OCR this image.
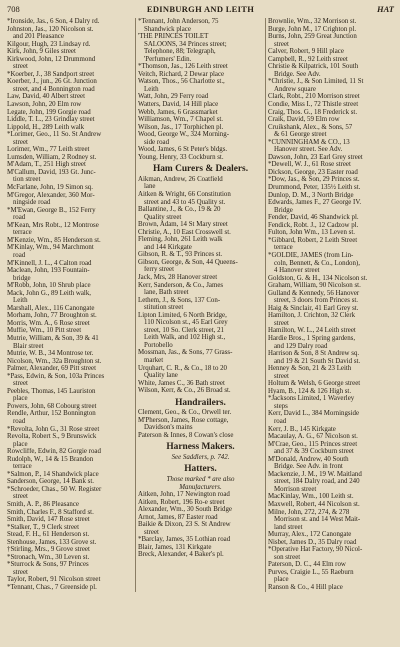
708	EDINBURGH AND LEITH	HAT
*Ironside, Jas., 6 Son, 4 Dalry rd.
Johnston, Jas., 120 Nicolson st.
and 201 Pleasance
Kilgour, Hugh, 23 Lindsay rd.
Kirk, John, 9 Giles street
Kirkwood, John, 12 Drummond
street
*Koerber, J., 38 Sandport street
Koerber, J., jun., 26 Gt. Junction
street, and 4 Bonnington road
Law, David, 40 Albert street
Lawson, John, 20 Elm row
Legate, John, 199 Gorgie road
Liddle, T. L., 23 Grindlay street
Lippold, H., 289 Leith walk
*Lorimer, Geo., 11 So. St Andrew
street
Lorimer, Wm., 77 Leith street
Lumsden, William, 2 Rodney st.
M'Adam, T., 251 High street
M'Callum, David, 193 Gt. Junc-
tion street
McFarlane, John, 19 Simon sq.
M'Gregor, Alexander, 360 Mor-
ningside road
*M'Ewan, George B., 152 Ferry
road
M'Kean, Mrs Robt., 12 Montrose
terrace
M'Kenzie, Wm., 85 Henderson st.
M'Kinlay, Wm., 94 Marchmont
road
M'Kinnell, J. L., 4 Calton road
Maclean, John, 193 Fountain-
bridge
M'Robb, John, 10 Shrub place
Mack, John G., 89 Leith walk,
Leith
Marshall, Alex., 116 Canongate
Morham, John, 77 Broughton st.
Morris, Wm. A., 6 Rose street
Muffie, Wm., 10 Pitt street
Mutrie, William, & Son, 39 & 41
Blair street
Mutrie, W. B., 34 Montrose ter.
Nicolson, Wm., 32a Broughton st.
Palmer, Alexander, 69 Pitt street
*Pass, Edwin, & Son, 103a Princes
street
Peebles, Thomas, 145 Lauriston
place
Powers, John, 68 Cobourg street
Rendle, Arthur, 152 Bonnington
road
*Revolta, John G., 31 Rose street
Revolta, Robert S., 9 Brunswick
place
Rowcliffe, Edwin, 82 Gorgie road
Rudolph, W., 14 & 15 Brandon
terrace
*Salmon, P., 14 Shandwick place
Sanderson, George, 14 Bank st.
*Schroeder, Chas., 50 W. Register
street
Smith, A. P., 86 Pleasance
Smith, Charles F., 8 Stafford st.
Smith, David, 147 Rose street
*Stalker, T., 9 Clerk street
Stead, F. H., 61 Henderson st.
Stenhouse, James, 133 Grove st.
†Stirling, Mrs., 9 Grove street
*Stronach, Wm., 30 Leven st.
*Sturrock & Sons, 97 Princes
street
Taylor, Robert, 91 Nicolson street
*Tennant, Chas., 7 Greenside pl.
*Tennant, John Anderson, 75
Shandwick place
'THE PRINCES TOILET
SALOONS, 34 Princes street;
Telephone, 88; Telegraph,
'Perfumers' Edin.
*Thomson, Jas., 126 Leith street
Veitch, Richard, 2 Dewar place
Watson, Thos., 56 Charlotte st.,
Leith
Watt, John, 29 Ferry road
Watters, David, 14 Hill place
Webb, James, 6 Grassmarket
Williamson, Wm., 7 Chapel st.
Wilson, Jas., 17 Torphichen pl.
Wood, George W., 324 Morning-
side road
Wood, James, 6 St Peter's bldgs.
Young, Henry, 33 Cockburn st.
Ham Curers & Dealers.
Aikman, Andrew, 26 Coatfield
lane
Aitken & Wright, 66 Constitution
street and 43 to 45 Quality st.
Ballantine, J., & Co., 19 & 20
Quality street
Brown, Adam, 14 St Mary street
Christie, A., 10 East Crosswell st.
Fleming, John, 261 Leith walk
and 144 Kirkgate
Gibson, R. & T., 93 Princes st.
Gibson, George, & Son, 44 Queens-
ferry street
Jack, Mrs, 28 Hanover street
Kerr, Sanderson, & Co., James
lane, Bath street
Lethem, J., & Sons, 137 Con-
stitution street
Lipton Limited, 6 North Bridge,
110 Nicolson st., 45 Earl Grey
street, 10 So. Clerk street, 21
Leith Walk, and 102 High st.,
Portobello
Mossman, Jas., & Sons, 77 Grass-
market
Urquhart, C. R., & Co., 18 to 20
Quality lane
White, James C., 36 Bath street
Wilson, Kerr, & Co., 26 Broad st.
Handrailers.
Clement, Geo., & Co., Orwell ter.
M'Pherson, James, Rose cottage,
Davidson's mains
Paterson & Innes, 8 Cowan's close
Harness Makers.
See Saddlers, p. 742.
Hatters.
Those marked * are also
Manufacturers.
Aitken, John, 17 Newington road
Aitken, Robert, 196 Ro-e street
Alexander, Wm., 30 South Bridge
Arnot, James, 87 Easter road
Baikie & Dixon, 23 S. St Andrew
street
*Barclay, James, 35 Lothian road
Blair, James, 131 Kirkgate
Breck, Alexander, 4 Baker's pl.
Brownlie, Wm., 32 Morrison st.
Burge, John M., 17 Crighton pl.
Burns, John, 259 Great Junction
street
Calver, Robert, 9 Hill place
Campbell, R., 92 Leith street
Christie & Kilpatrick, 101 South
Bridge. See Adv.
*Christie, J., & Son Limited, 11 St
Andrew square
Clark, Robt., 210 Morrison street
Condie, Miss I., 72 Thistle street
Craig, Thos. G., 18 Frederick st.
Craik, David, 59 Elm row
Cruikshank, Alex., & Sons, 57
& 61 George street
*CUNNINGHAM & CO., 13
Hanover street. See Adv.
Dawson, John, 23 Earl Grey street
*Dewell, W. J., 61 Rose street
Dickson, George, 23 Easter road
*Dow, Jas., & Son, 29 Princes st.
Drummond, Peter, 135½ Leith st.
Dunlop, D. M., 3 North Bridge
Edwards, James F., 27 George IV.
Bridge
Fender, David, 46 Shandwick pl.
Fendick, Robt. J., 12 Cadzow pl.
Fulton, John Wm., 13 Leven st.
*Gibbard, Robert, 2 Leith Street
terrace
*GOLDIE, JAMES (from Lin-
coln, Bennett, & Co., London),
4 Hanover street
Goldston, G. & H., 134 Nicolson st.
Graham, William, 90 Nicolson st.
Gulland & Kennedy, 56 Hanover
street, 3 doors from Princes st.
Haig & Sinclair, 41 Earl Grey st.
Hamilton, J. Crichton, 32 Clerk
street
Hamilton, W. L., 24 Leith street
Hardie Bros., 1 Spring gardens,
and 129 Dalry road
Harrison & Son, 8 St Andrew sq.
and 19 & 21 South St David st.
Henney & Son, 21 & 23 Leith
street
Holtum & Welsh, 6 George street
Hyam, B., 124 & 126 High st.
*Jacksons Limited, 1 Waverley
steps
Kerr, David L., 384 Morningside
road
Kerr, J. B., 145 Kirkgate
Macaulay, A. G., 67 Nicolson st.
M'Crae, Geo., 115 Princes street
and 37 & 39 Cockburn street
M'Donald, Andrew, 40 South
Bridge. See Adv. in front
Mackenzie, J. M., 19 W. Maitland
street, 184 Dalry road, and 240
Morrison street
MacKinlay, Wm., 100 Leith st.
Maxwell, Robert, 44 Nicolson st.
Milne, John, 272, 274, & 278
Morrison st. and 14 West Mait-
land street
Murray, Alex., 172 Canongate
Nisbet, James D., 35 Dalry road
*Operative Hat Factory, 90 Nicol-
son street
Paterson, D. C., 44 Elm row
Purves, Craigie L., 55 Raeburn
place
Ranson & Co., 4 Hill place
